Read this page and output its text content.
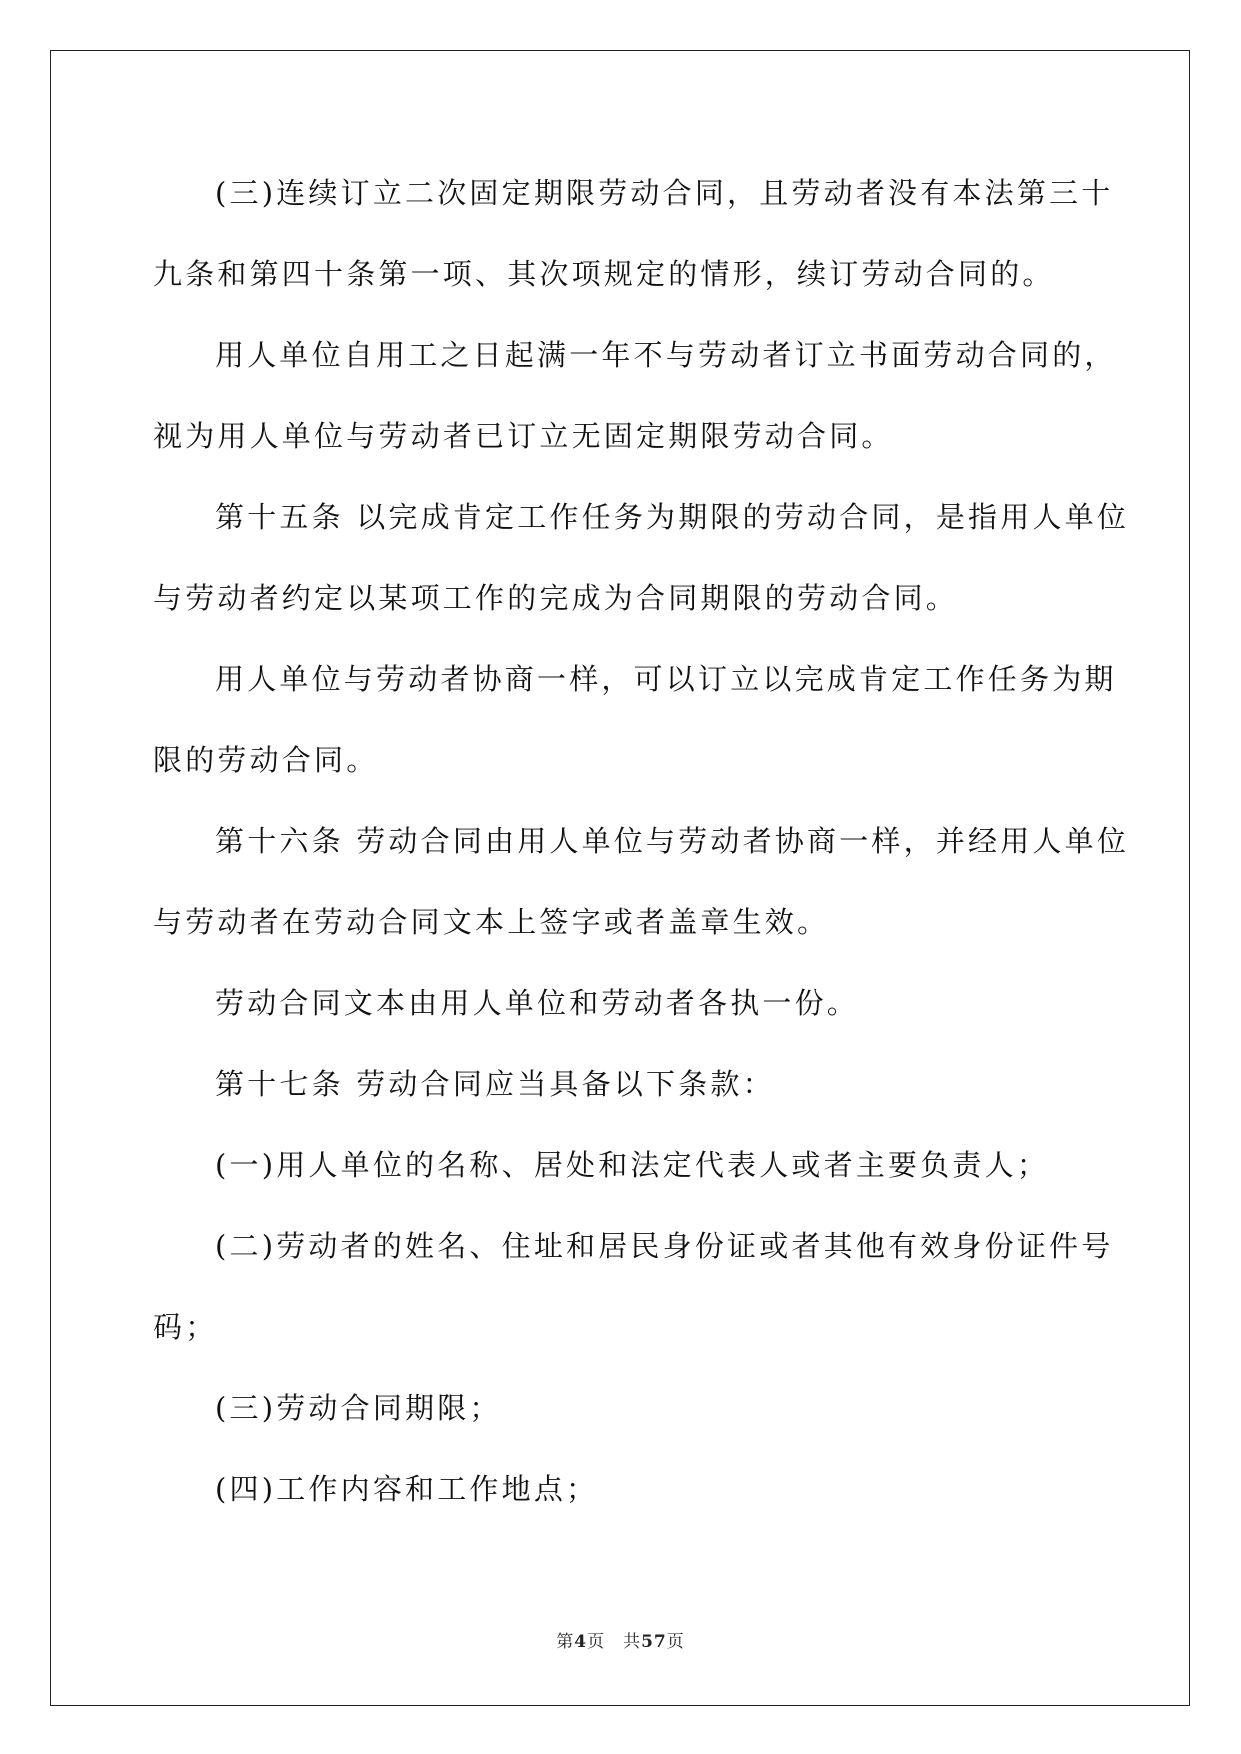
(三)连续订立二次固定期限劳动合同，且劳动者没有本法第三十
九条和第四十条第一项、其次项规定的情形，续订劳动合同的。
用人单位自用工之日起满一年不与劳动者订立书面劳动合同的，
视为用人单位与劳动者已订立无固定期限劳动合同。
第十五条 以完成肯定工作任务为期限的劳动合同，是指用人单位
与劳动者约定以某项工作的完成为合同期限的劳动合同。
用人单位与劳动者协商一样，可以订立以完成肯定工作任务为期
限的劳动合同。
第十六条 劳动合同由用人单位与劳动者协商一样，并经用人单位
与劳动者在劳动合同文本上签字或者盖章生效。
劳动合同文本由用人单位和劳动者各执一份。
第十七条 劳动合同应当具备以下条款：
(一)用人单位的名称、居处和法定代表人或者主要负责人；
(二)劳动者的姓名、住址和居民身份证或者其他有效身份证件号
码；
(三)劳动合同期限；
(四)工作内容和工作地点；
第4页 共57页
